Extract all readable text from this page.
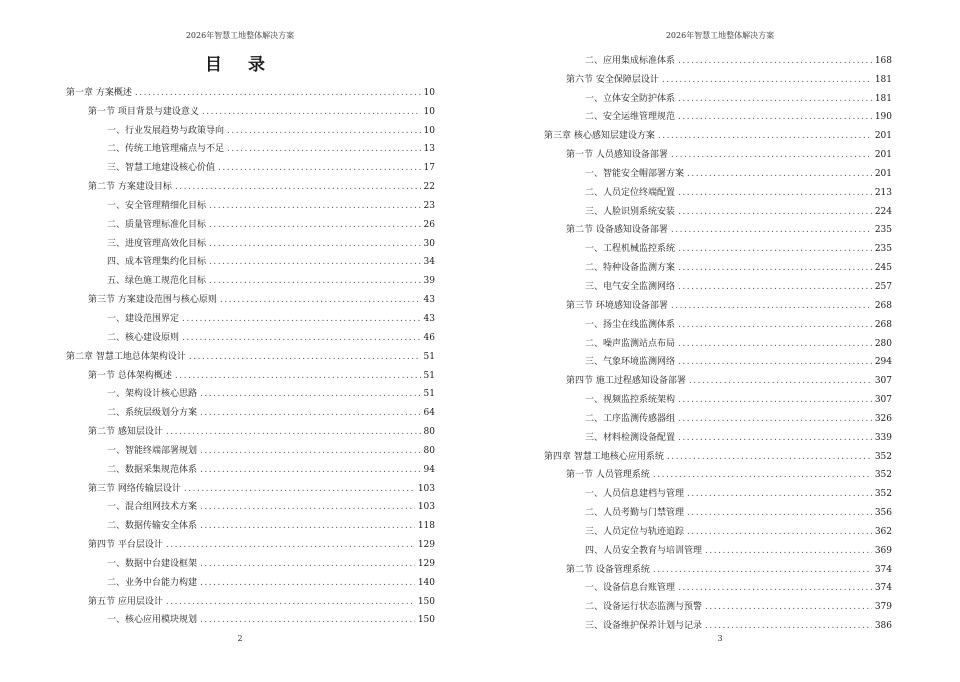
2026年智慧工地整体解决方案
目 录
第一章 方案概述 .....	10
第一节 项目背景与建设意义 .....	10
一、行业发展趋势与政策导向 .....	10
二、传统工地管理痛点与不足 .....	13
三、智慧工地建设核心价值 .....	17
第二节 方案建设目标 .....	22
一、安全管理精细化目标 .....	23
二、质量管理标准化目标 .....	26
三、进度管理高效化目标 .....	30
四、成本管理集约化目标 .....	34
五、绿色施工规范化目标 .....	39
第三节 方案建设范围与核心原则 .....	43
一、建设范围界定 .....	43
二、核心建设原则 .....	46
第二章 智慧工地总体架构设计 .....	51
第一节 总体架构概述 .....	51
一、架构设计核心思路 .....	51
二、系统层级划分方案 .....	64
第二节 感知层设计 .....	80
一、智能终端部署规划 .....	80
二、数据采集规范体系 .....	94
第三节 网络传输层设计 .....	103
一、混合组网技术方案 .....	103
二、数据传输安全体系 .....	118
第四节 平台层设计 .....	129
一、数据中台建设框架 .....	129
二、业务中台能力构建 .....	140
第五节 应用层设计 .....	150
一、核心应用模块规划 .....	150
2
2026年智慧工地整体解决方案
二、应用集成标准体系 .....	168
第六节 安全保障层设计 .....	181
一、立体安全防护体系 .....	181
二、安全运维管理规范 .....	190
第三章 核心感知层建设方案 .....	201
第一节 人员感知设备部署 .....	201
一、智能安全帽部署方案 .....	201
二、人员定位终端配置 .....	213
三、人脸识别系统安装 .....	224
第二节 设备感知设备部署 .....	235
一、工程机械监控系统 .....	235
二、特种设备监测方案 .....	245
三、电气安全监测网络 .....	257
第三节 环境感知设备部署 .....	268
一、扬尘在线监测体系 .....	268
二、噪声监测站点布局 .....	280
三、气象环境监测网络 .....	294
第四节 施工过程感知设备部署 .....	307
一、视频监控系统架构 .....	307
二、工序监测传感器组 .....	326
三、材料检测设备配置 .....	339
第四章 智慧工地核心应用系统 .....	352
第一节 人员管理系统 .....	352
一、人员信息建档与管理 .....	352
二、人员考勤与门禁管理 .....	356
三、人员定位与轨迹追踪 .....	362
四、人员安全教育与培训管理 .....	369
第二节 设备管理系统 .....	374
一、设备信息台账管理 .....	374
二、设备运行状态监测与预警 .....	379
三、设备维护保养计划与记录 .....	386
3
